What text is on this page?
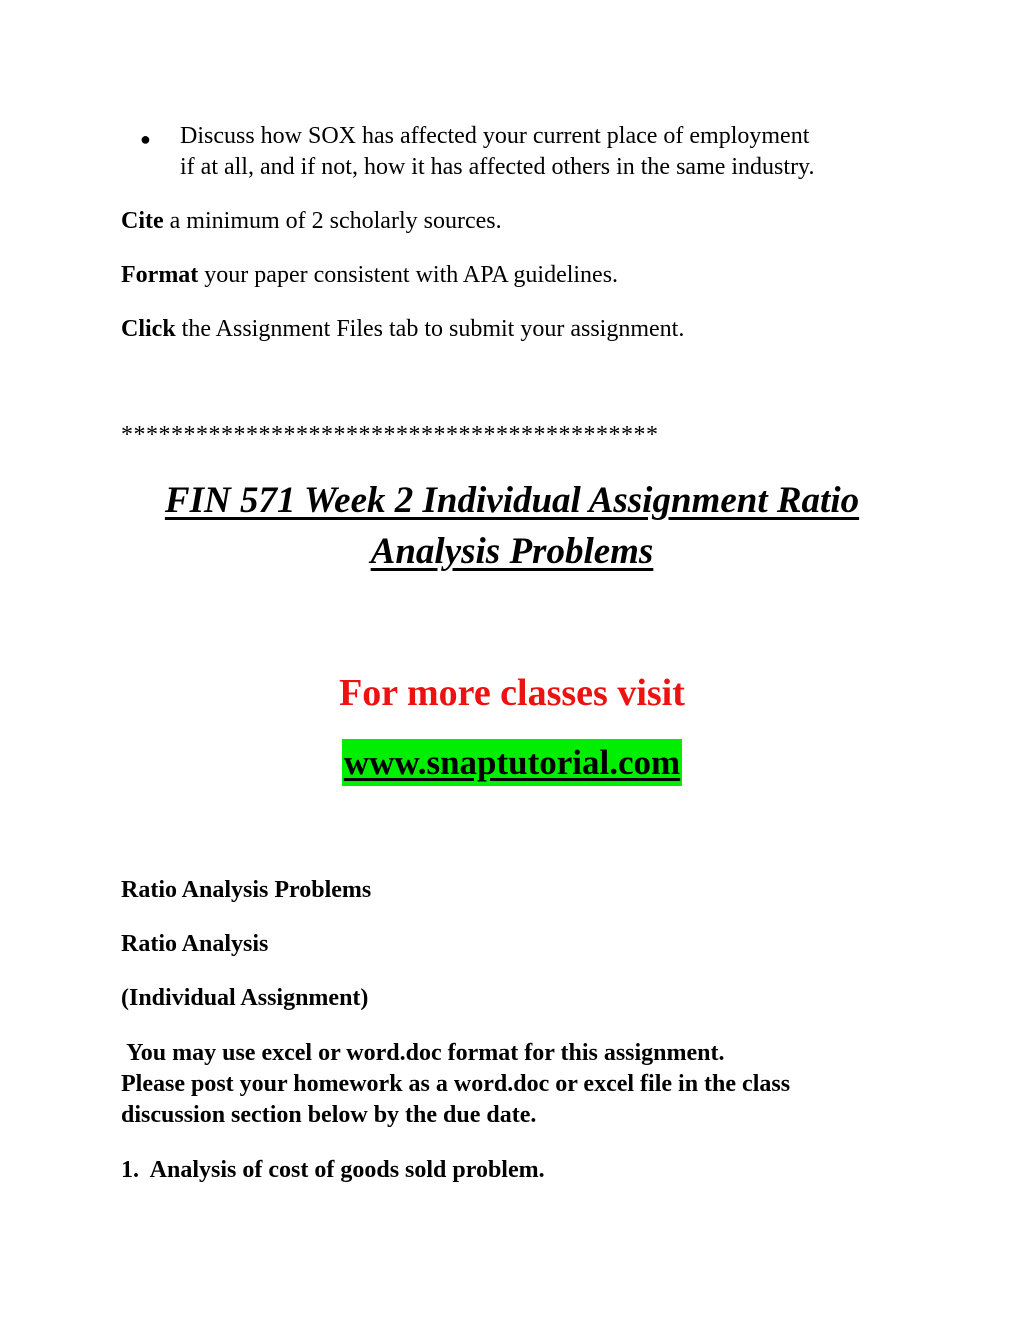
● Discuss how SOX has affected your current place of employment
if at all, and if not, how it has affected others in the same industry.
Cite a minimum of 2 scholarly sources.
Format your paper consistent with APA guidelines.
Click the Assignment Files tab to submit your assignment.
*******************************************
FIN 571 Week 2 Individual Assignment Ratio
Analysis Problems
For more classes visit
www.snaptutorial.com
Ratio Analysis Problems
Ratio Analysis
(Individual Assignment)
You may use excel or word.doc format for this assignment.
Please post your homework as a word.doc or excel file in the class
discussion section below by the due date.
1.  Analysis of cost of goods sold problem.
